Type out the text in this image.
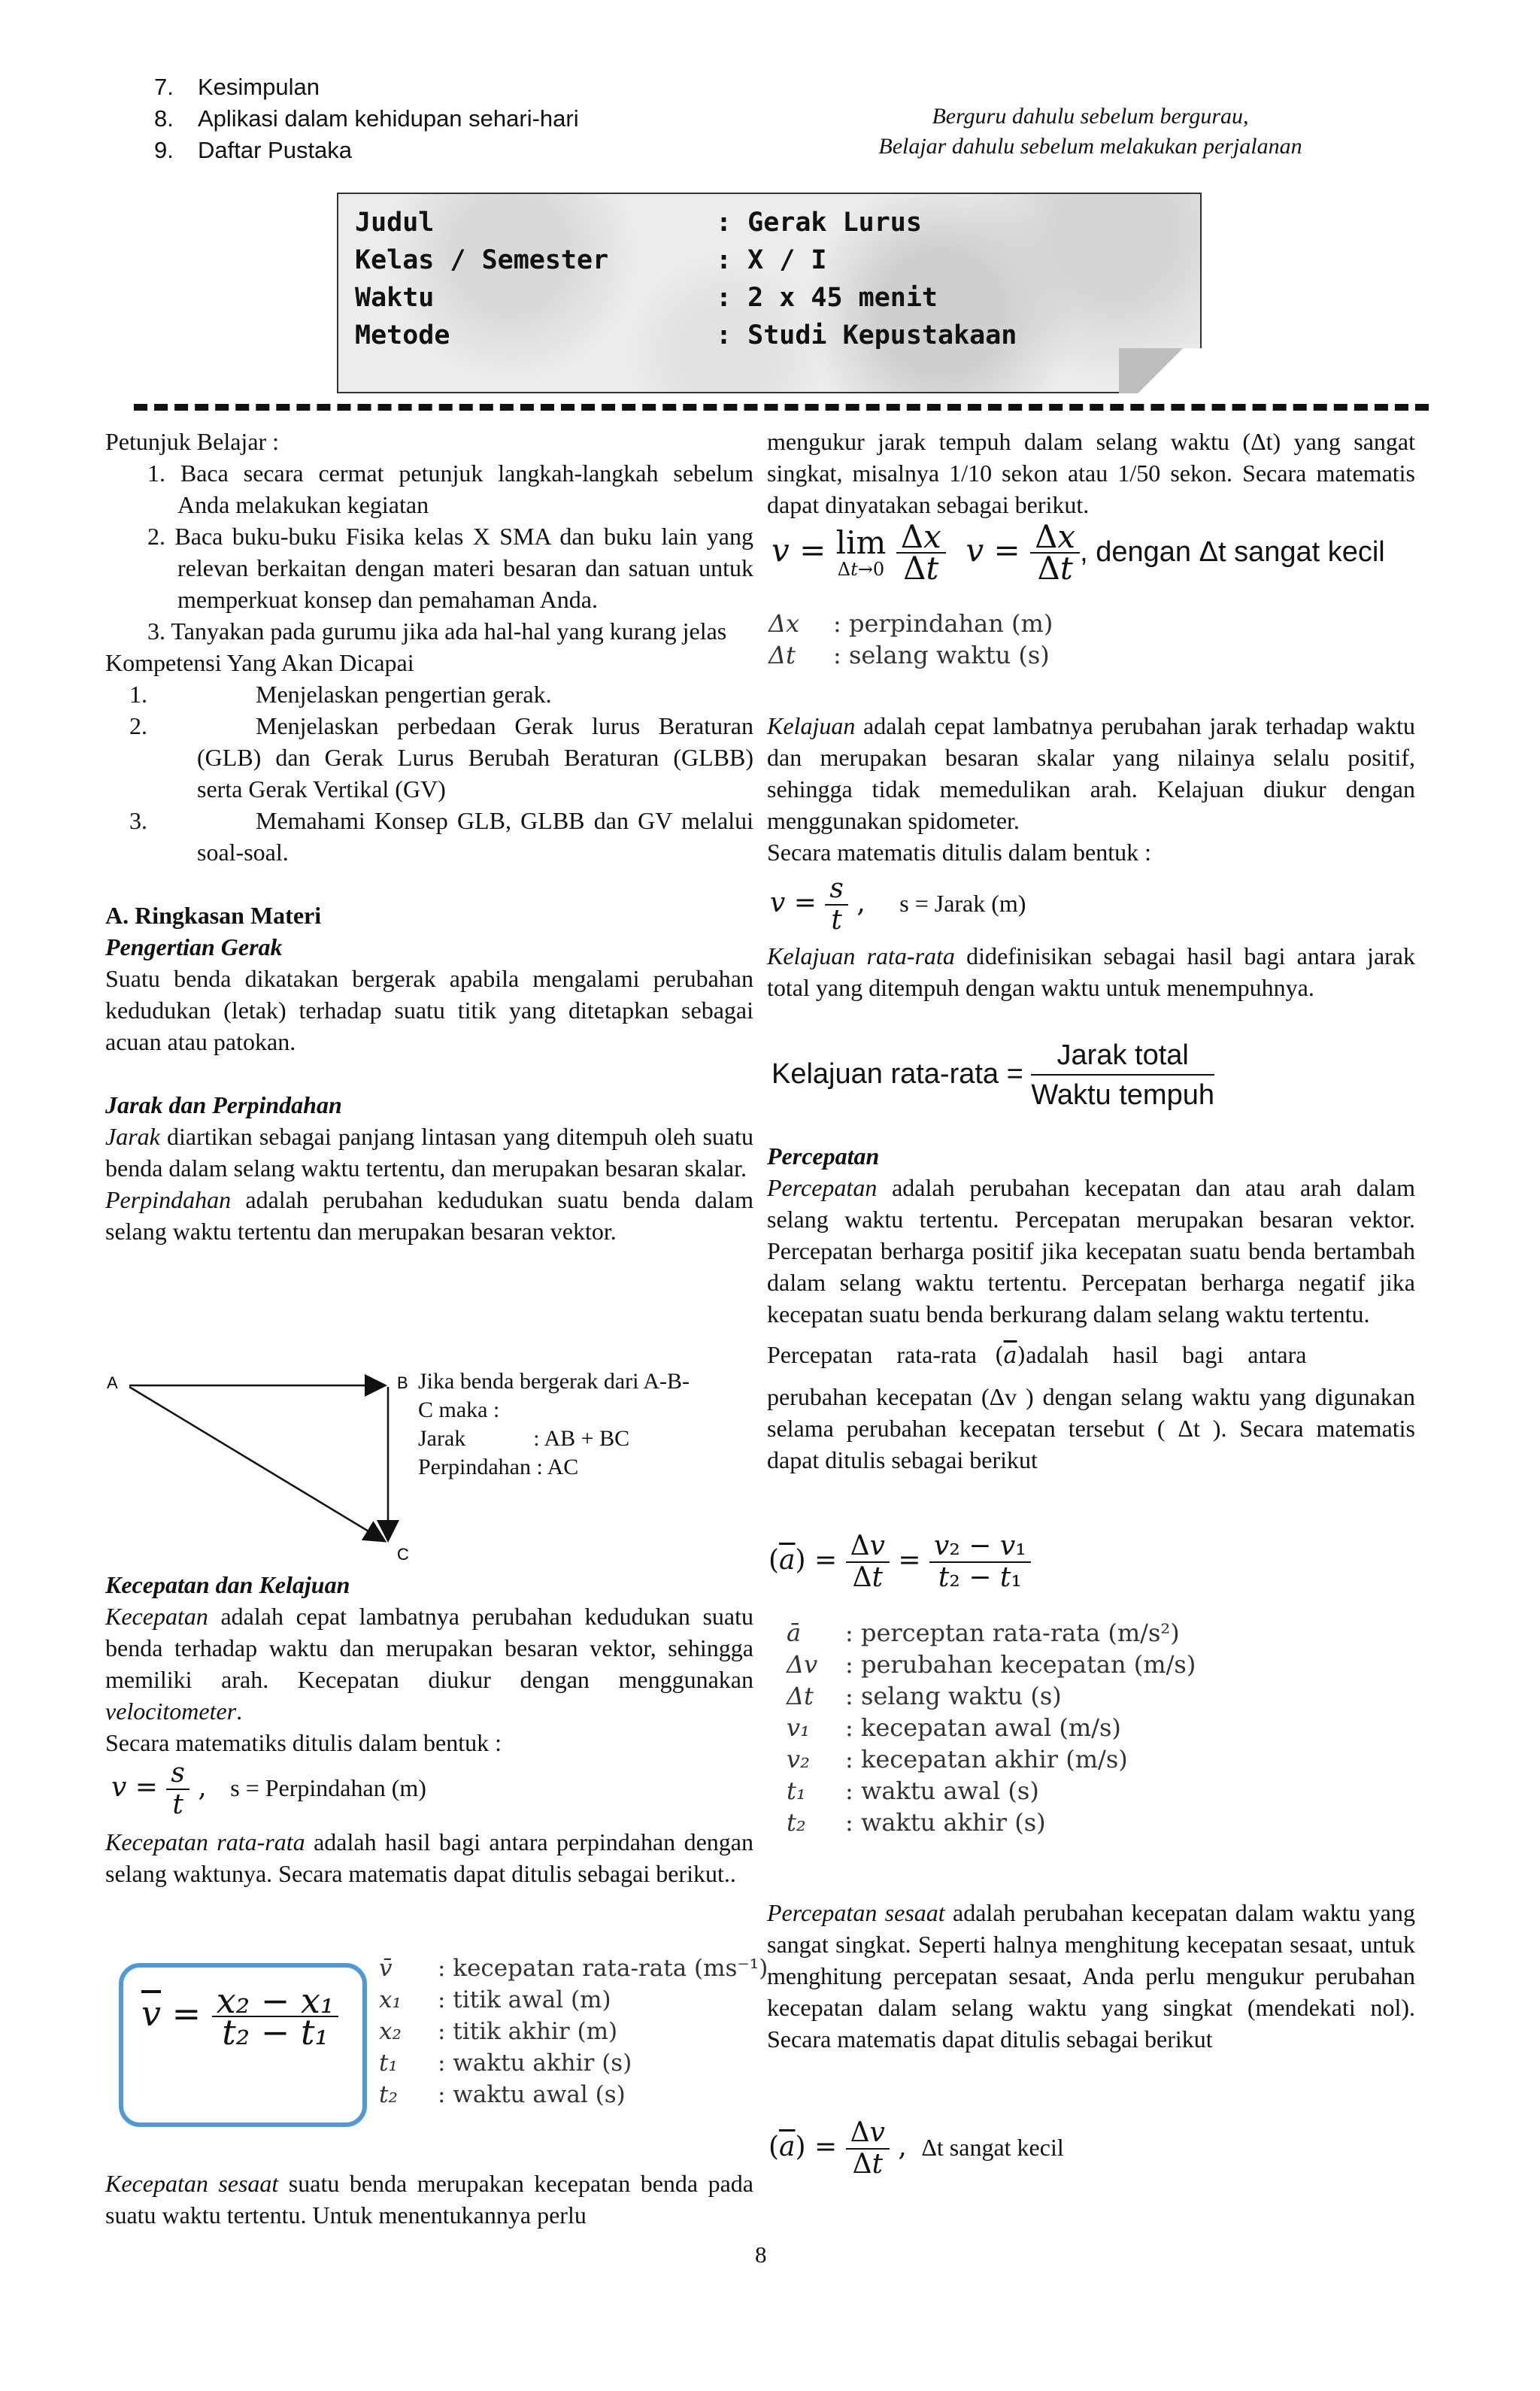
7. Kesimpulan
8. Aplikasi dalam kehidupan sehari-hari
9. Daftar Pustaka
Berguru dahulu sebelum bergurau,
Belajar dahulu sebelum melakukan perjalanan
Judul	: Gerak Lurus
Kelas / Semester	: X / I
Waktu	: 2 x 45 menit
Metode	: Studi Kepustakaan

Petunjuk Belajar :

1. Baca secara cermat petunjuk langkah-langkah sebelum Anda melakukan kegiatan

2. Baca buku-buku Fisika kelas X SMA dan buku lain yang relevan berkaitan dengan materi besaran dan satuan untuk memperkuat konsep dan pemahaman Anda.

3. Tanyakan pada gurumu jika ada hal-hal yang kurang jelas

Kompetensi Yang Akan Dicapai

1.	Menjelaskan pengertian gerak.
2.	Menjelaskan perbedaan Gerak lurus Beraturan (GLB) dan Gerak Lurus Berubah Beraturan (GLBB) serta Gerak Vertikal (GV)
3.	Memahami Konsep GLB, GLBB dan GV melalui soal-soal.

A. Ringkasan Materi

Pengertian Gerak

Suatu benda dikatakan bergerak apabila mengalami perubahan kedudukan (letak) terhadap suatu titik yang ditetapkan sebagai acuan atau patokan.

Jarak dan Perpindahan

Jarak diartikan sebagai panjang lintasan yang ditempuh oleh suatu benda dalam selang waktu tertentu, dan merupakan besaran skalar.

Perpindahan adalah perubahan kedudukan suatu benda dalam selang waktu tertentu dan merupakan besaran vektor.

A	B
C
Jika benda bergerak dari A-B-
C maka :
Jarak            : AB + BC
Perpindahan : AC

Kecepatan dan Kelajuan

Kecepatan adalah cepat lambatnya perubahan kedudukan suatu benda terhadap waktu dan merupakan besaran vektor, sehingga memiliki arah. Kecepatan diukur dengan menggunakan velocitometer.

Secara matematiks ditulis dalam bentuk :

$v = \frac{s}{t}$ , s = Perpindahan (m)

Kecepatan rata-rata adalah hasil bagi antara perpindahan dengan selang waktunya. Secara matematis dapat ditulis sebagai berikut..

$\overline{v} = \frac{\text{x₂ − x₁}}{\text{t₂ − t₁}}$
v̄ : kecepatan rata-rata (ms⁻¹)
x₁ : titik awal (m)
x₂ : titik akhir (m)
t₁ : waktu akhir (s)
t₂ : waktu awal (s)

Kecepatan sesaat suatu benda merupakan kecepatan benda pada suatu waktu tertentu. Untuk menentukannya perlu

mengukur jarak tempuh dalam selang waktu (Δt) yang sangat singkat, misalnya 1/10 sekon atau 1/50 sekon. Secara matematis dapat dinyatakan sebagai berikut.

v = lim
Δt→0
$\frac{\Delta x}{\Delta t}$ $v = \frac{\Delta x}{\Delta t}$ , dengan Δt sangat kecil
Δx : perpindahan (m)
Δt : selang waktu (s)

Kelajuan adalah cepat lambatnya perubahan jarak terhadap waktu dan merupakan besaran skalar yang nilainya selalu positif, sehingga tidak memedulikan arah. Kelajuan diukur dengan menggunakan spidometer.

Secara matematis ditulis dalam bentuk :

$v = \frac{s}{t}$ , s = Jarak (m)

Kelajuan rata-rata didefinisikan sebagai hasil bagi antara jarak total yang ditempuh dengan waktu untuk menempuhnya.

Kelajuan rata-rata = $\frac{\text{Jarak total}}{\text{Waktu tempuh}}$

Percepatan

Percepatan adalah perubahan kecepatan dan atau arah dalam selang waktu tertentu. Percepatan merupakan besaran vektor. Percepatan berharga positif jika kecepatan suatu benda bertambah dalam selang waktu tertentu. Percepatan berharga negatif jika kecepatan suatu benda berkurang dalam selang waktu tertentu.

Percepatan    rata-rata $(\overline{a})adalah$    hasil    bagi    antara

perubahan kecepatan (Δv ) dengan selang waktu yang digunakan selama perubahan kecepatan tersebut ( Δt ). Secara matematis dapat ditulis sebagai berikut

$(\overline{a}) = \frac{\Delta v}{\Delta t} = \frac{\text{v₂ − v₁}}{\text{t₂ − t₁}}$
ā : perceptan rata-rata (m/s²)
Δv : perubahan kecepatan (m/s)
Δt : selang waktu (s)
v₁ : kecepatan awal (m/s)
v₂ : kecepatan akhir (m/s)
t₁ : waktu awal (s)
t₂ : waktu akhir (s)

Percepatan sesaat adalah perubahan kecepatan dalam waktu yang sangat singkat. Seperti halnya menghitung kecepatan sesaat, untuk menghitung percepatan sesaat, Anda perlu mengukur perubahan kecepatan dalam selang waktu yang singkat (mendekati nol). Secara matematis dapat ditulis sebagai berikut

$(\overline{a}) = \frac{\Delta v}{\Delta t}$ , Δt sangat kecil
8
